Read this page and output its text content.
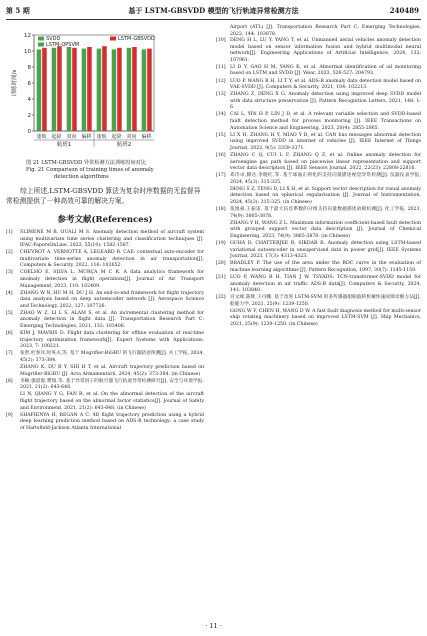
第 5 期	基于 LSTM-GBSVDD 模型的飞行轨迹异常检测方法	240489
0
2
4
6
8
10
12
训练时间/s
迷航 起降 双向 偏移 迷航 起降 双向 偏移
航班1	航班2
SVDD
LSTM-QPSVM
LSTM-GBSVDD
图 21 LSTM-GBSVDD 异常检测方法训练时间对比
Fig. 21 Comparison of training times of anomaly
detection algorithms
综上所述,LSTM-GBSVDD 算法为复杂时序数据的无监督异常检测提供了一种高效可靠的解决方案。
参考文献(References)
[1]	SLIMENE M B, OUALI M S. Anomaly detection method of aircraft system using multivariate time series clustering and classification techniques [J]. IFAC-PapersOnLine, 2022, 55(10): 1582-1587.
[2]	CHEVROT A, VERNOTTE A, LEGEARD B. CAE: contextual auto-encoder for multivariate time-series anomaly detection in air transportation[J]. Computers & Security, 2022, 116: 102652.
[3]	COELHO E, SILVA L, MURÇA M C R. A data analytics framework for anomaly detection in flight operations[J]. Journal of Air Transport Management, 2023, 110: 102409.
[4]	ZHANG W N, HU M H, DU J H. An end-to-end framework for flight trajectory data analysis based on deep autoencoder network [J]. Aerospace Science and Technology, 2022, 127: 107726.
[5]	ZHAO W Z, LI L S, ALAM S, et al. An incremental clustering method for anomaly detection in flight data [J]. Transportation Research Part C: Emerging Technologies, 2021, 132: 103406.
[6]	KIM J, MAVRIS D. Flight data clustering for offline evaluation of real-time trajectory optimization framework[J]. Expert Systems with Applications, 2023, 7: 100221.
[7]	张智,杜春洋,时英夫,等. 基于 Mogrifier-BiGRU 的飞行器轨迹预测[J]. 兵工学报, 2024, 45(2): 373-384.
ZHANG K, DU R Y, SHI H T, et al. Aircraft trajectory prediction based on Mogrifier-BiGRU [J]. Acta Armamentarii, 2024, 45(2): 373-384. (in Chinese)
[8]	李楠,强韶群,樊瑞,等. 基于异常因子的航空器飞行轨迹异常检测研究[J]. 安全与环境学报, 2021, 21(2): 643-648.
LI N, QIANG Y G, FAN R, et al. On the abnormal detection of the aircraft flight trajectory based on the abnormal factor statistics[J]. Journal of Safety and Environment, 2021, 21(2): 643-648. (in Chinese)
[9]	SHAFIENYA H, REGAN A C. 4D flight trajectory prediction using a hybrid deep learning prediction method based on ADS-B technology: a case study of Hartsfield-Jackson Atlanta International
Airport (ATL) [J]. Transportation Research Part C: Emerging Technologies, 2022, 144: 103878.
[10] DENG H L, LU Y, YANG T, et al. Unmanned aerial vehicles anomaly detection model based on sensor information fusion and hybrid multimodal neural network[J]. Engineering Applications of Artificial Intelligence, 2024, 132: 107961.
[11] LI D Y, GAO H M, YANG K, et al. Abnormal identification of oil monitoring based on LSTM and SVDD [J]. Wear, 2023, 526-527: 204793.
[12] LUO P, WANG B H, LI T Y, et al. ADS-B anomaly data detection model based on VAE-SVDD [J]. Computers & Security, 2021, 104: 102213.
[13] ZHANG Z, DENG X G. Anomaly detection using improved deep SVDD model with data structure preservation [J]. Pattern Recognition Letters, 2021, 148: 1-6.
[14] CAI L, YIN H P, LIN J D, et al. A relevant variable selection and SVDD-based fault detection method for process monitoring [J]. IEEE Transactions on Automation Science and Engineering, 2023, 20(4): 2855-2865.
[15] LI X H, ZHANG H Y, MIAO Y B, et al. CAN bus messages abnormal detection using improved SVDD in internet of vehicles [J]. IEEE Internet of Things Journal, 2022, 9(5): 3359-3371.
[16] ZHANG C Q, CUI L F, ZHANG Q Z, et al. Online anomaly detection for aeroengine gas path based on piecewise linear representation and support vector data description [J]. IEEE Sensors Journal, 2022, 22(23): 22808-22816.
[17] 邓诗卓,滕达,李晓红,等. 基于球面正则化的支持向量描述视觉异常检测[J]. 仪器仪表学报, 2024, 45(3): 315-325.
DENG S Z, TENG D, LI X H, et al. Support vector description for visual anomaly detection based on spherical regularisation [J]. Journal of Instrumentation, 2024, 45(3): 315-325. (in Chinese)
[18] 张逸豪,王振雷. 基于最大信息系数的分组支持向量数据描述故障检测[J]. 化工学报, 2023, 74(9): 3865-3878.
ZHANG Y H, WANG Z L. Maximum information coefficient-based fault detection with grouped support vector data description [J]. Journal of Chemical Engineering, 2023, 74(9): 3865-3878. (in Chinese)
[19] GUHA D, CHATTERJEE R, SIKDAR B. Anomaly detection using LSTM-based variational autoencoder in unsupervised data in power grid[J]. IEEE Systems Journal, 2023, 17(3): 4313-4323.
[20] BRADLEY P. The use of the area under the ROC curve in the evaluation of machine learning algorithms [J]. Pattern Recognition, 1997, 30(7): 1145-1159.
[21] LUO P, WANG B H, TIAN J W. TSVADS: TCN-transformer-SVDD model for anomaly detection in air traffic ADS-B data[J]. Computers & Security, 2024, 141: 103840.
[22] 宫文峰,陈辉,王丹娜. 基于改进 LSTM-SVM 的多传感器船舶旋转机械快速故障诊断方法[J]. 船舶力学, 2021, 25(9): 1239-1250.
GONG W F, CHEN H, WANG D W. A fast fault diagnosis method for multi-sensor ship rotating machinery based on improved LSTM-SVM [J]. Ship Mechanics, 2021, 25(9): 1239-1250. (in Chinese)
· 11 ·
